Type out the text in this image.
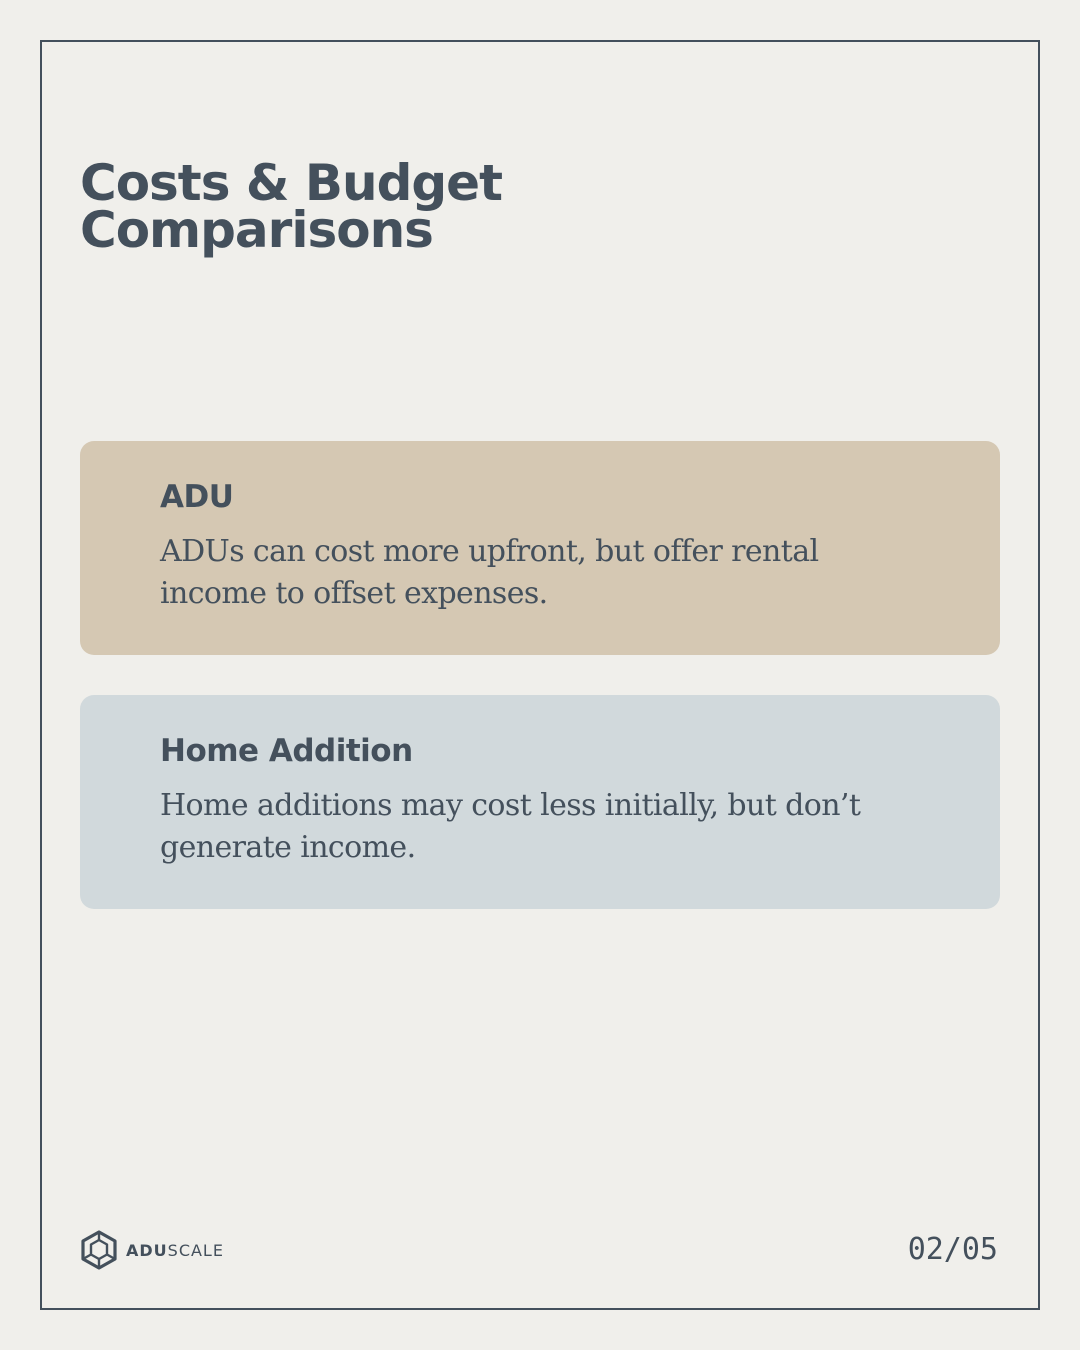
Costs & Budget
Comparisons
ADU

ADUs can cost more upfront, but offer rental
income to offset expenses.

Home Addition

Home additions may cost less initially, but don’t
generate income.

ADUSCALE	02/05
